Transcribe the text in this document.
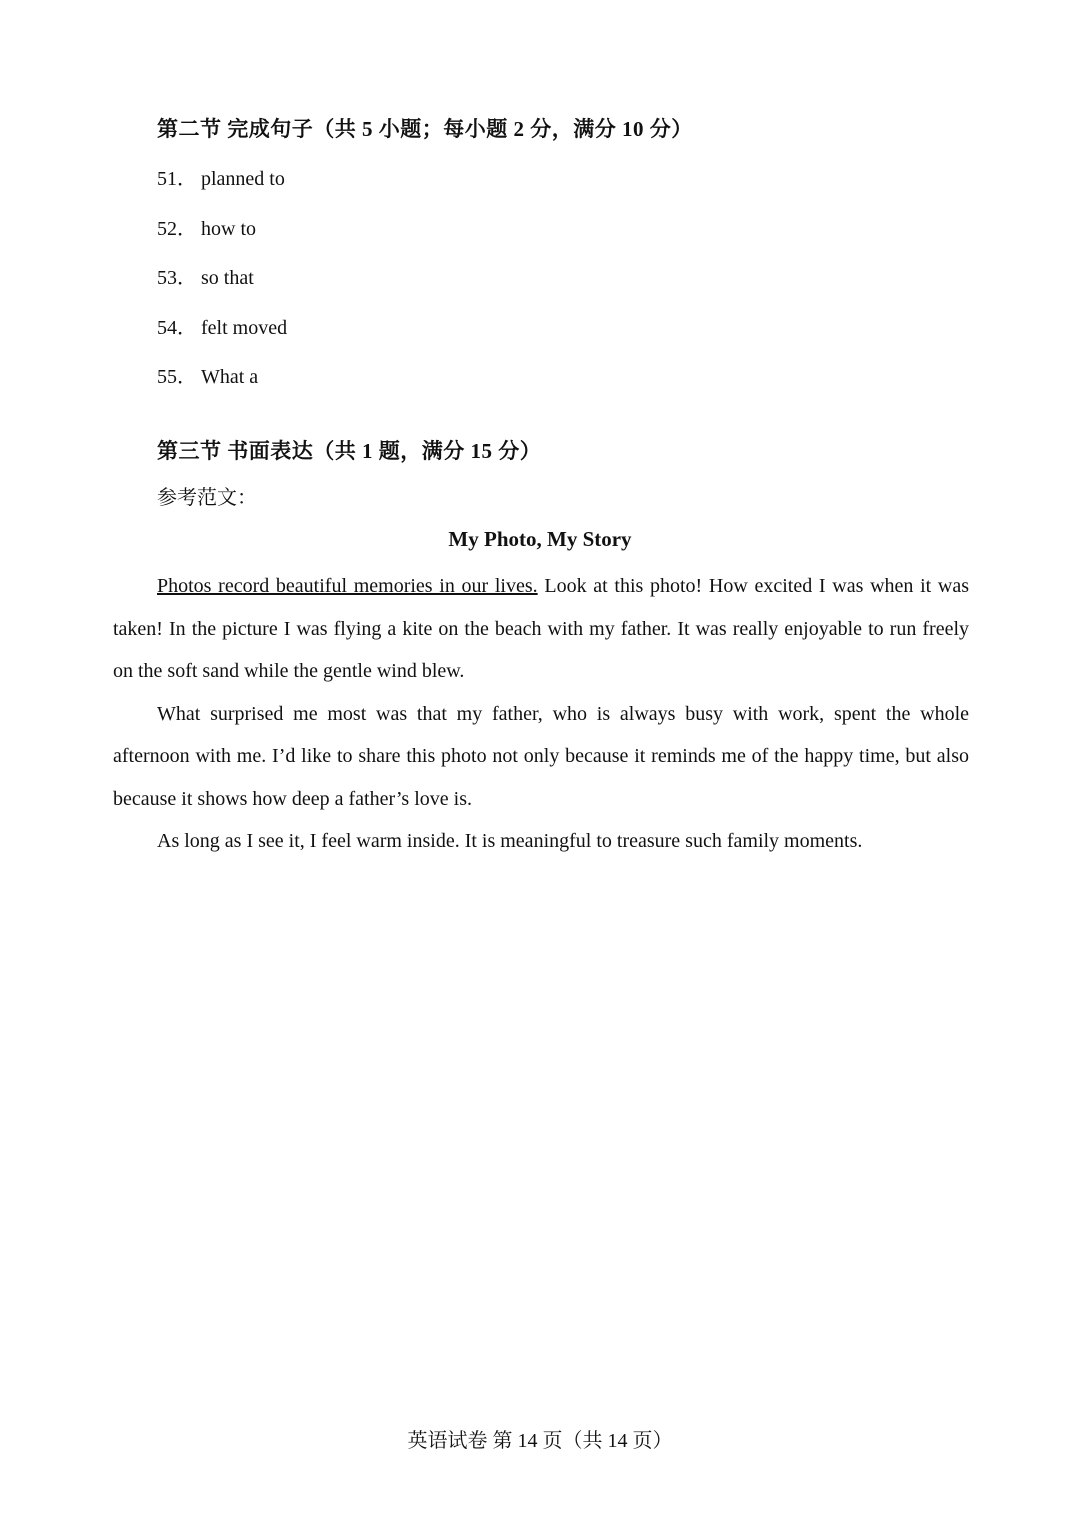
第二节 完成句子（共 5 小题；每小题 2 分，满分 10 分）
51． planned to
52． how to
53． so that
54． felt moved
55． What a
第三节 书面表达（共 1 题，满分 15 分）
参考范文：
My Photo, My Story

Photos record beautiful memories in our lives. Look at this photo! How excited I was when it was taken! In the picture I was flying a kite on the beach with my father. It was really enjoyable to run freely on the soft sand while the gentle wind blew.

What surprised me most was that my father, who is always busy with work, spent the whole afternoon with me. I’d like to share this photo not only because it reminds me of the happy time, but also because it shows how deep a father’s love is.

As long as I see it, I feel warm inside. It is meaningful to treasure such family moments.

英语试卷 第 14 页（共 14 页）
